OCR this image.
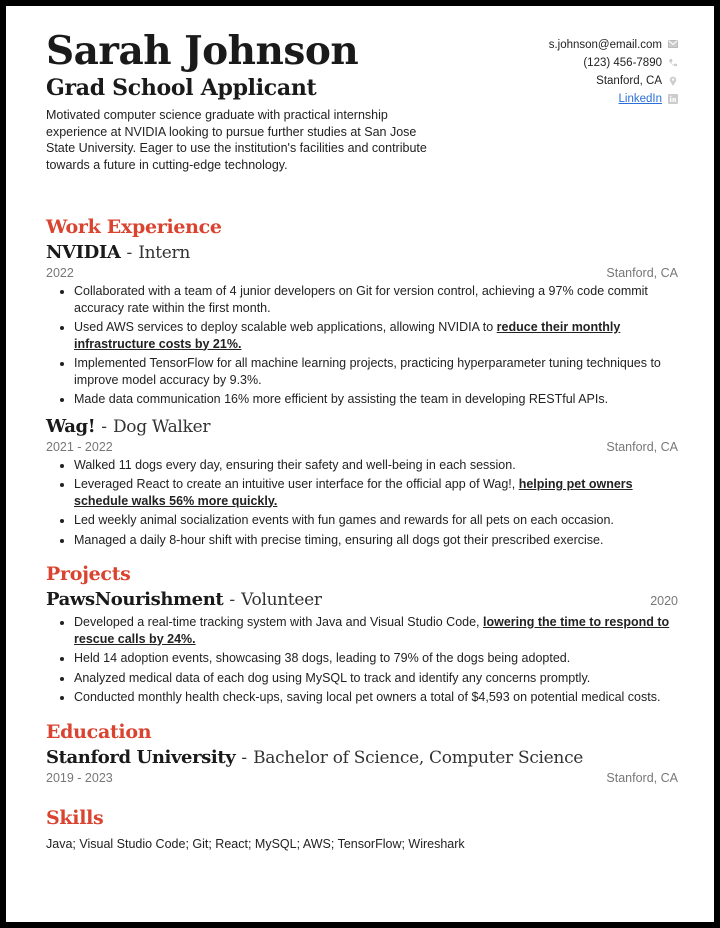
Sarah Johnson
Grad School Applicant
Motivated computer science graduate with practical internship experience at NVIDIA looking to pursue further studies at San Jose State University. Eager to use the institution's facilities and contribute towards a future in cutting-edge technology.
s.johnson@email.com
(123) 456-7890
Stanford, CA
LinkedIn
Work Experience
NVIDIA - Intern
2022	Stanford, CA
• Collaborated with a team of 4 junior developers on Git for version control, achieving a 97% code commit accuracy rate within the first month.
• Used AWS services to deploy scalable web applications, allowing NVIDIA to reduce their monthly infrastructure costs by 21%.
• Implemented TensorFlow for all machine learning projects, practicing hyperparameter tuning techniques to improve model accuracy by 9.3%.
• Made data communication 16% more efficient by assisting the team in developing RESTful APIs.
Wag! - Dog Walker
2021 - 2022	Stanford, CA
• Walked 11 dogs every day, ensuring their safety and well-being in each session.
• Leveraged React to create an intuitive user interface for the official app of Wag!, helping pet owners schedule walks 56% more quickly.
• Led weekly animal socialization events with fun games and rewards for all pets on each occasion.
• Managed a daily 8-hour shift with precise timing, ensuring all dogs got their prescribed exercise.
Projects
PawsNourishment - Volunteer	2020
• Developed a real-time tracking system with Java and Visual Studio Code, lowering the time to respond to rescue calls by 24%.
• Held 14 adoption events, showcasing 38 dogs, leading to 79% of the dogs being adopted.
• Analyzed medical data of each dog using MySQL to track and identify any concerns promptly.
• Conducted monthly health check-ups, saving local pet owners a total of $4,593 on potential medical costs.
Education
Stanford University - Bachelor of Science, Computer Science
2019 - 2023	Stanford, CA
Skills
Java; Visual Studio Code; Git; React; MySQL; AWS; TensorFlow; Wireshark
